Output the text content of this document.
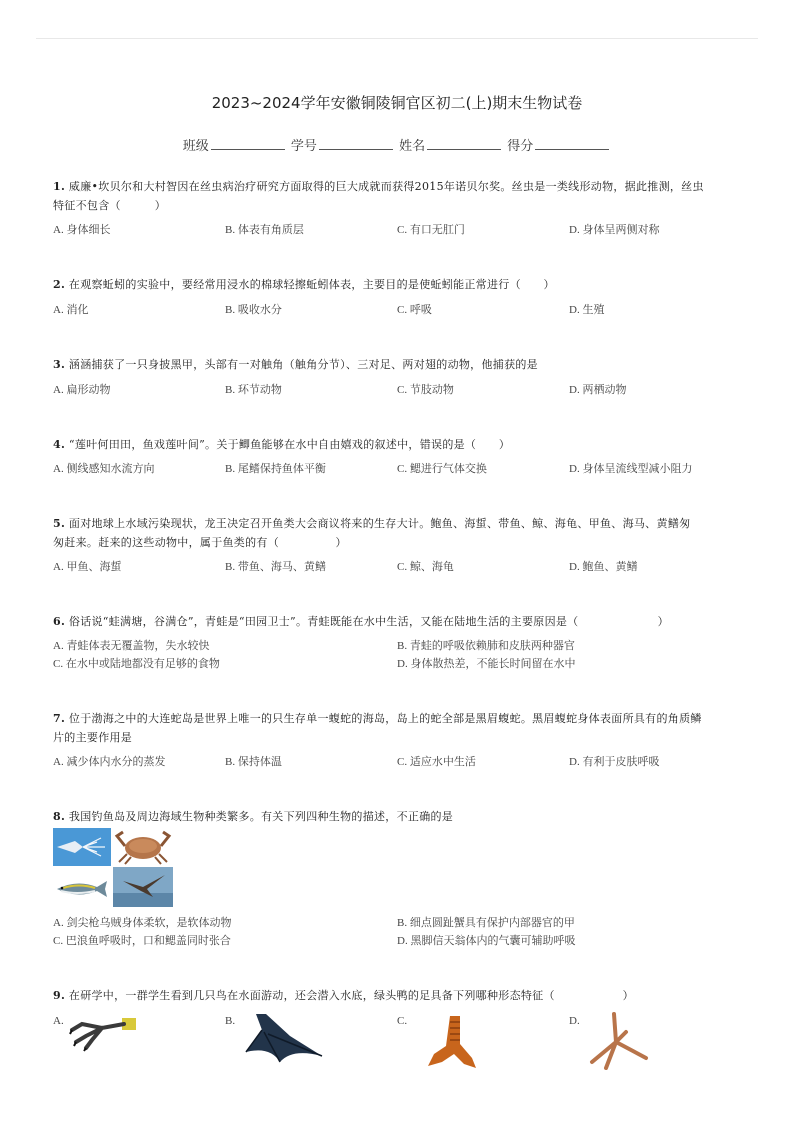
2023~2024学年安徽铜陵铜官区初二(上)期末生物试卷
班级	学号	姓名	得分
1. 威廉•坎贝尔和大村智因在丝虫病治疗研究方面取得的巨大成就而获得2015年诺贝尔奖。丝虫是一类线形动物，据此推测，丝虫
特征不包含（　　　）
A. 身体细长	B. 体表有角质层	C. 有口无肛门	D. 身体呈两侧对称
2. 在观察蚯蚓的实验中，要经常用浸水的棉球轻擦蚯蚓体表，主要目的是使蚯蚓能正常进行（　　）
A. 消化	B. 吸收水分	C. 呼吸	D. 生殖
3. 涵涵捕获了一只身披黑甲，头部有一对触角（触角分节）、三对足、两对翅的动物，他捕获的是
A. 扁形动物	B. 环节动物	C. 节肢动物	D. 两栖动物
4. “莲叶何田田，鱼戏莲叶间”。关于鲫鱼能够在水中自由嬉戏的叙述中，错误的是（　　）
A. 侧线感知水流方向	B. 尾鳍保持鱼体平衡	C. 鳃进行气体交换	D. 身体呈流线型减小阻力
5. 面对地球上水域污染现状，龙王决定召开鱼类大会商议将来的生存大计。鲍鱼、海蜇、带鱼、鲸、海龟、甲鱼、海马、黄鳝匆
匆赶来。赶来的这些动物中，属于鱼类的有（　　　　　）
A. 甲鱼、海蜇	B. 带鱼、海马、黄鳝	C. 鲸、海龟	D. 鲍鱼、黄鳝
6. 俗话说“蛙满塘，谷满仓”，青蛙是“田园卫士”。青蛙既能在水中生活，又能在陆地生活的主要原因是（　　　　　　　）
A. 青蛙体表无覆盖物，失水较快	B. 青蛙的呼吸依赖肺和皮肤两种器官
C. 在水中或陆地都没有足够的食物	D. 身体散热差，不能长时间留在水中
7. 位于渤海之中的大连蛇岛是世界上唯一的只生存单一蝮蛇的海岛，岛上的蛇全部是黑眉蝮蛇。黑眉蝮蛇身体表面所具有的角质鳞
片的主要作用是
A. 减少体内水分的蒸发	B. 保持体温	C. 适应水中生活	D. 有利于皮肤呼吸
8. 我国钓鱼岛及周边海域生物种类繁多。有关下列四种生物的描述，不正确的是
A. 剑尖枪乌贼身体柔软，是软体动物	B. 细点圆趾蟹具有保护内部器官的甲
C. 巴浪鱼呼吸时，口和鳃盖同时张合	D. 黑脚信天翁体内的气囊可辅助呼吸
9. 在研学中，一群学生看到几只鸟在水面游动，还会潜入水底，绿头鸭的足具备下列哪种形态特征（　　　　　　）
A.	B.	C.	D.
